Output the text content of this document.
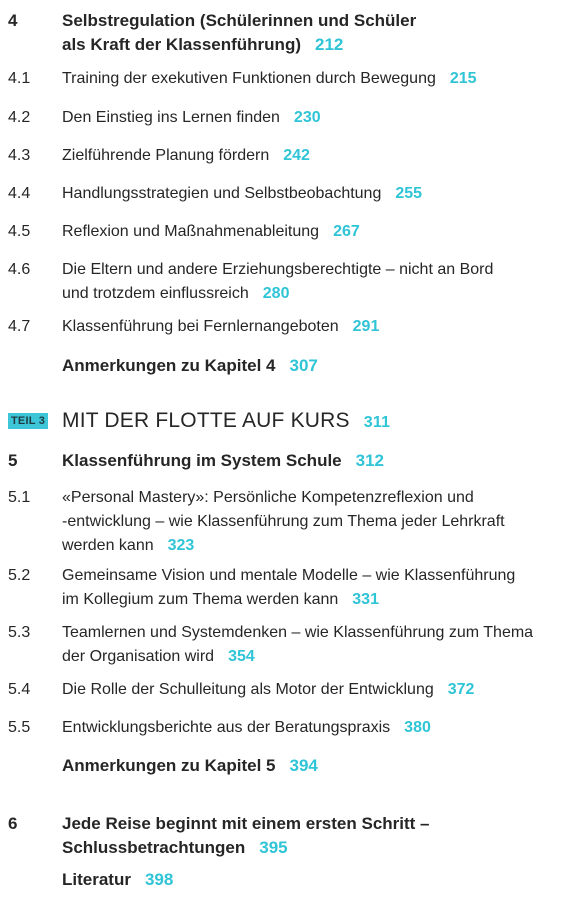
4	Selbstregulation (Schülerinnen und Schüler
als Kraft der Klassenführung) 212
4.1 Training der exekutiven Funktionen durch Bewegung 215
4.2 Den Einstieg ins Lernen finden 230
4.3 Zielführende Planung fördern 242
4.4 Handlungsstrategien und Selbstbeobachtung 255
4.5 Reflexion und Maßnahmenableitung 267
4.6 Die Eltern und andere Erziehungsberechtigte – nicht an Bord
und trotzdem einflussreich 280
4.7 Klassenführung bei Fernlernangeboten 291
Anmerkungen zu Kapitel 4 307
TEIL 3 MIT DER FLOTTE AUF KURS 311
5	Klassenführung im System Schule 312
5.1 «Personal Mastery»: Persönliche Kompetenzreflexion und
-entwicklung – wie Klassenführung zum Thema jeder Lehrkraft
werden kann 323
5.2 Gemeinsame Vision und mentale Modelle – wie Klassenführung
im Kollegium zum Thema werden kann 331
5.3 Teamlernen und Systemdenken – wie Klassenführung zum Thema
der Organisation wird 354
5.4 Die Rolle der Schulleitung als Motor der Entwicklung 372
5.5 Entwicklungsberichte aus der Beratungspraxis 380
Anmerkungen zu Kapitel 5 394
6	Jede Reise beginnt mit einem ersten Schritt –
Schlussbetrachtungen 395
Literatur 398
